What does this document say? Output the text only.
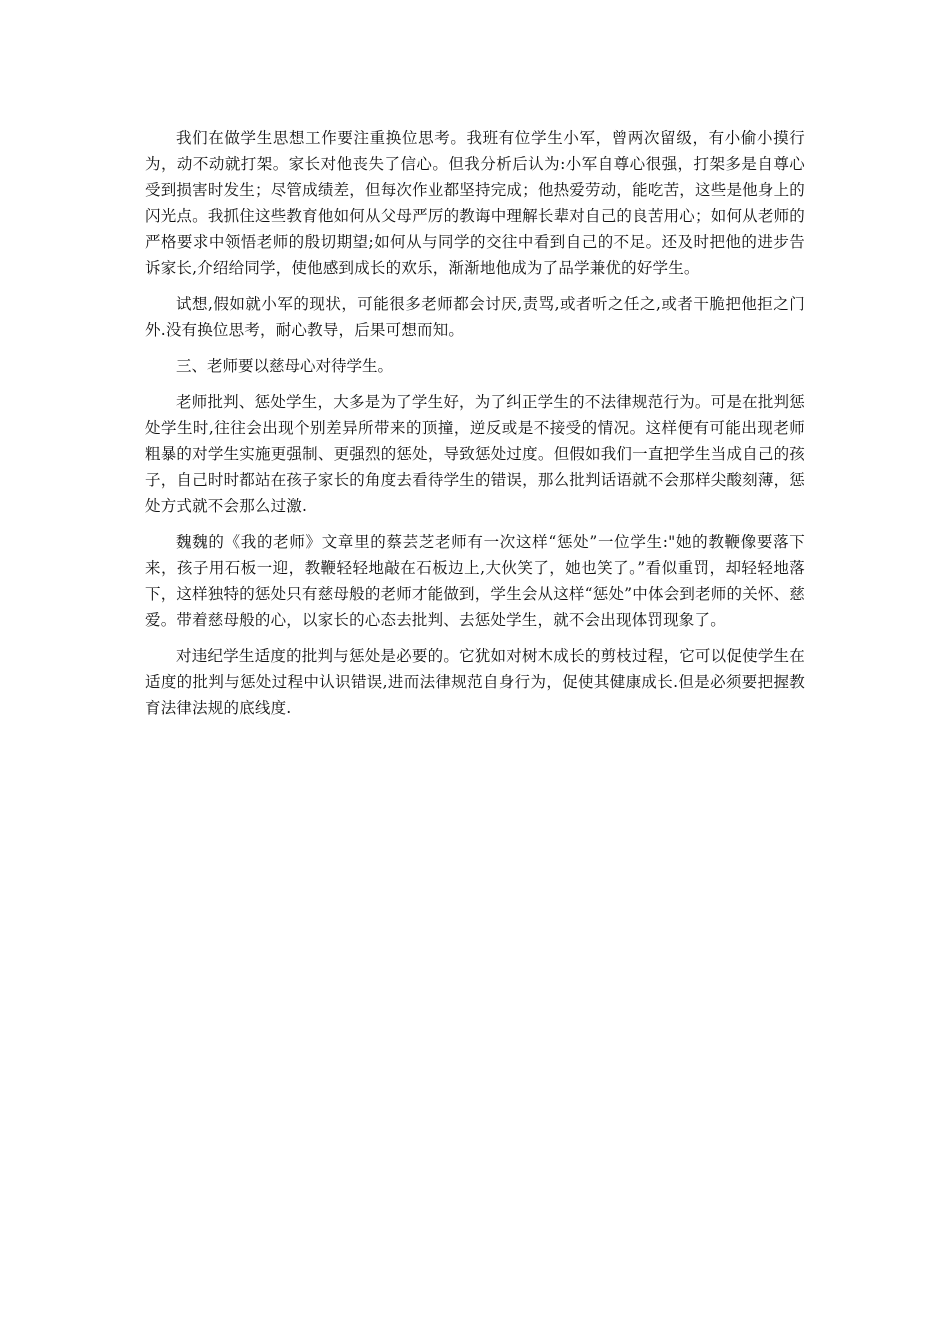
我们在做学生思想工作要注重换位思考。我班有位学生小军，曾两次留级，有小偷小摸行为，动不动就打架。家长对他丧失了信心。但我分析后认为:小军自尊心很强，打架多是自尊心受到损害时发生；尽管成绩差，但每次作业都坚持完成；他热爱劳动，能吃苦，这些是他身上的闪光点。我抓住这些教育他如何从父母严厉的教诲中理解长辈对自己的良苦用心；如何从老师的严格要求中领悟老师的殷切期望;如何从与同学的交往中看到自己的不足。还及时把他的进步告诉家长,介绍给同学，使他感到成长的欢乐，渐渐地他成为了品学兼优的好学生。

试想,假如就小军的现状，可能很多老师都会讨厌,责骂,或者听之任之,或者干脆把他拒之门外.没有换位思考，耐心教导，后果可想而知。

三、老师要以慈母心对待学生。

老师批判、惩处学生，大多是为了学生好，为了纠正学生的不法律规范行为。可是在批判惩处学生时,往往会出现个别差异所带来的顶撞，逆反或是不接受的情况。这样便有可能出现老师粗暴的对学生实施更强制、更强烈的惩处，导致惩处过度。但假如我们一直把学生当成自己的孩子，自己时时都站在孩子家长的角度去看待学生的错误，那么批判话语就不会那样尖酸刻薄，惩处方式就不会那么过激.

魏魏的《我的老师》文章里的蔡芸芝老师有一次这样“惩处”一位学生:"她的教鞭像要落下来，孩子用石板一迎，教鞭轻轻地敲在石板边上,大伙笑了，她也笑了。”看似重罚，却轻轻地落下，这样独特的惩处只有慈母般的老师才能做到，学生会从这样“惩处”中体会到老师的关怀、慈爱。带着慈母般的心，以家长的心态去批判、去惩处学生，就不会出现体罚现象了。

对违纪学生适度的批判与惩处是必要的。它犹如对树木成长的剪枝过程，它可以促使学生在适度的批判与惩处过程中认识错误,进而法律规范自身行为，促使其健康成长.但是必须要把握教育法律法规的底线度.
